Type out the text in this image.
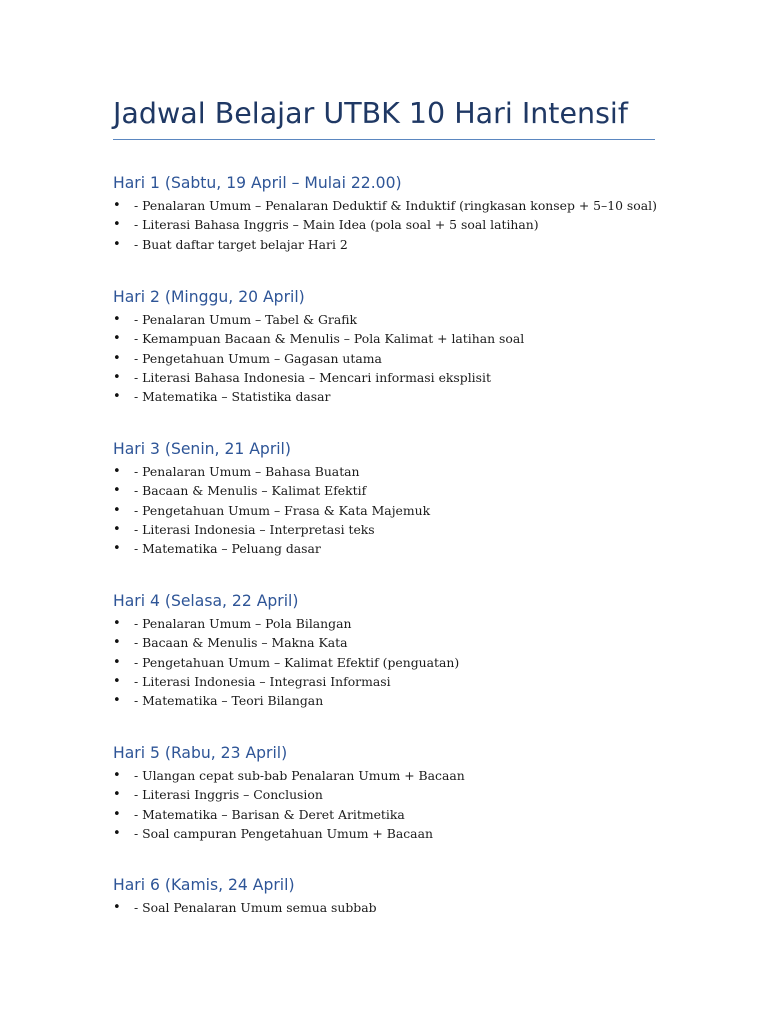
Jadwal Belajar UTBK 10 Hari Intensif
Hari 1 (Sabtu, 19 April – Mulai 22.00)
•	- Penalaran Umum – Penalaran Deduktif & Induktif (ringkasan konsep + 5–10 soal)
•	- Literasi Bahasa Inggris – Main Idea (pola soal + 5 soal latihan)
•	- Buat daftar target belajar Hari 2
Hari 2 (Minggu, 20 April)
•	- Penalaran Umum – Tabel & Grafik
•	- Kemampuan Bacaan & Menulis – Pola Kalimat + latihan soal
•	- Pengetahuan Umum – Gagasan utama
•	- Literasi Bahasa Indonesia – Mencari informasi eksplisit
•	- Matematika – Statistika dasar
Hari 3 (Senin, 21 April)
•	- Penalaran Umum – Bahasa Buatan
•	- Bacaan & Menulis – Kalimat Efektif
•	- Pengetahuan Umum – Frasa & Kata Majemuk
•	- Literasi Indonesia – Interpretasi teks
•	- Matematika – Peluang dasar
Hari 4 (Selasa, 22 April)
•	- Penalaran Umum – Pola Bilangan
•	- Bacaan & Menulis – Makna Kata
•	- Pengetahuan Umum – Kalimat Efektif (penguatan)
•	- Literasi Indonesia – Integrasi Informasi
•	- Matematika – Teori Bilangan
Hari 5 (Rabu, 23 April)
•	- Ulangan cepat sub-bab Penalaran Umum + Bacaan
•	- Literasi Inggris – Conclusion
•	- Matematika – Barisan & Deret Aritmetika
•	- Soal campuran Pengetahuan Umum + Bacaan
Hari 6 (Kamis, 24 April)
•	- Soal Penalaran Umum semua subbab
